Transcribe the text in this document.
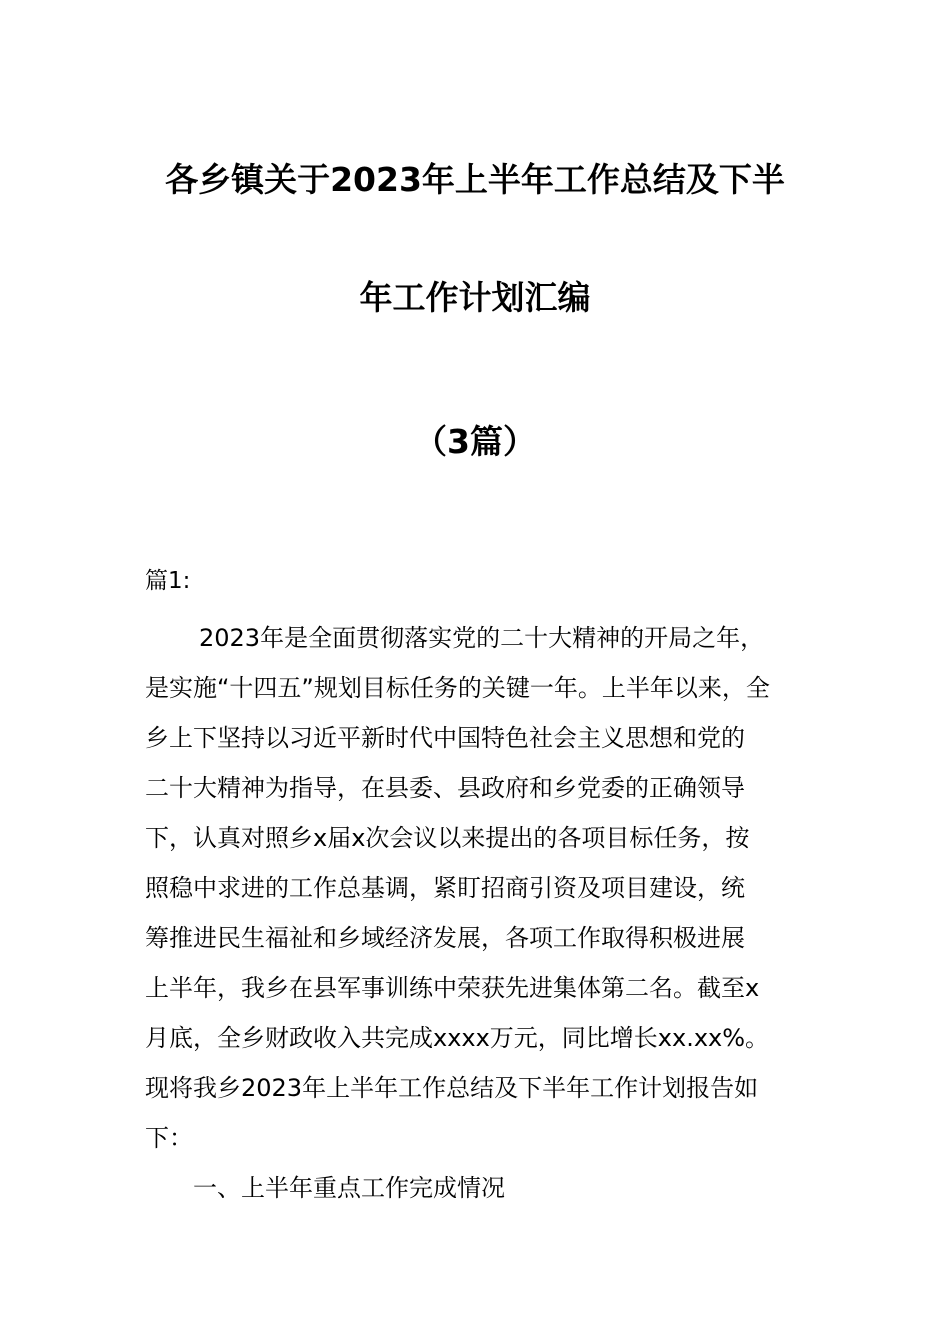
各乡镇关于2023年上半年工作总结及下半
年工作计划汇编
（3篇）
篇1:
2023年是全面贯彻落实党的二十大精神的开局之年，
是实施“十四五”规划目标任务的关键一年。上半年以来，全
乡上下坚持以习近平新时代中国特色社会主义思想和党的
二十大精神为指导，在县委、县政府和乡党委的正确领导
下，认真对照乡x届x次会议以来提出的各项目标任务，按
照稳中求进的工作总基调，紧盯招商引资及项目建设，统
筹推进民生福祉和乡域经济发展，各项工作取得积极进展
上半年，我乡在县军事训练中荣获先进集体第二名。截至x
月底，全乡财政收入共完成xxxx万元，同比增长xx.xx%。
现将我乡2023年上半年工作总结及下半年工作计划报告如
下：
一、上半年重点工作完成情况
